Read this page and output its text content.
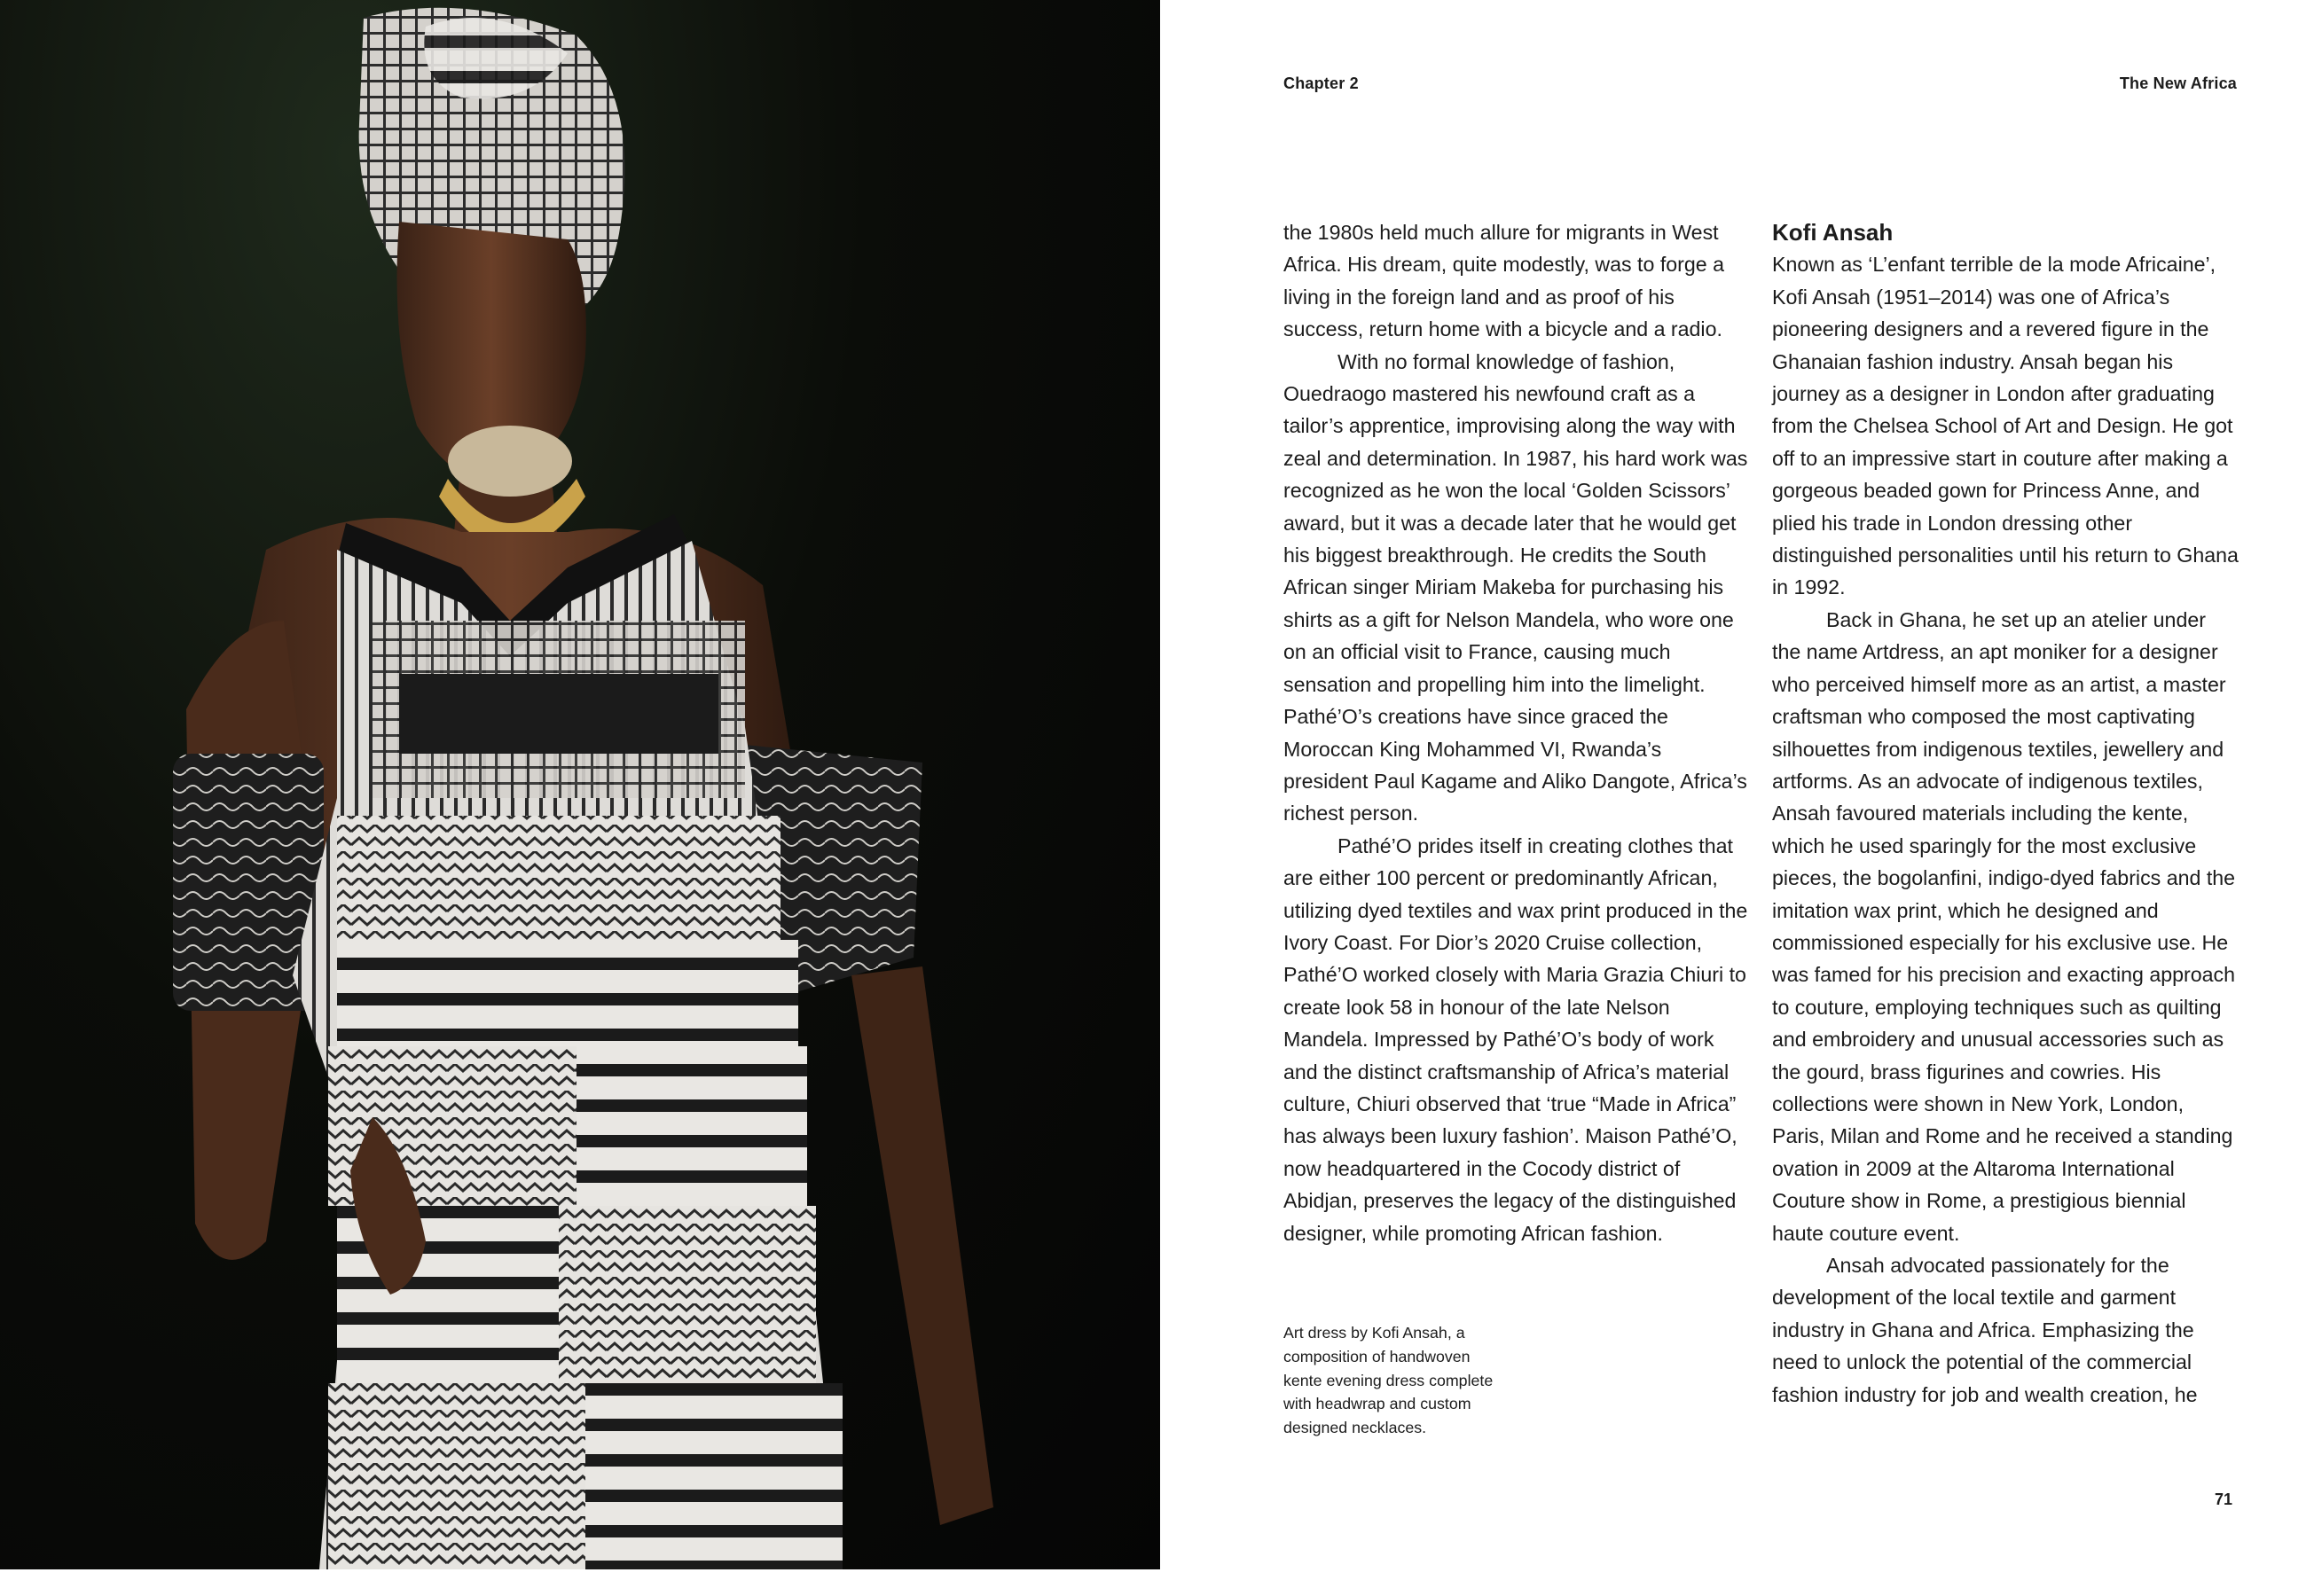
Chapter 2	The New Africa

the 1980s held much allure for migrants in West Africa. His dream, quite modestly, was to forge a living in the foreign land and as proof of his success, return home with a bicycle and a radio.

With no formal knowledge of fashion, Ouedraogo mastered his newfound craft as a tailor’s apprentice, improvising along the way with zeal and determination. In 1987, his hard work was recognized as he won the local ‘Golden Scissors’ award, but it was a decade later that he would get his biggest breakthrough. He credits the South African singer Miriam Makeba for purchasing his shirts as a gift for Nelson Mandela, who wore one on an official visit to France, causing much sensation and propelling him into the limelight. Pathé’O’s creations have since graced the Moroccan King Mohammed VI, Rwanda’s president Paul Kagame and Aliko Dangote, Africa’s richest person.

Pathé’O prides itself in creating clothes that are either 100 percent or predominantly African, utilizing dyed textiles and wax print produced in the Ivory Coast. For Dior’s 2020 Cruise collection, Pathé’O worked closely with Maria Grazia Chiuri to create look 58 in honour of the late Nelson Mandela. Impressed by Pathé’O’s body of work and the distinct craftsmanship of Africa’s material culture, Chiuri observed that ‘true “Made in Africa” has always been luxury fashion’. Maison Pathé’O, now headquartered in the Cocody district of Abidjan, preserves the legacy of the distinguished designer, while promoting African fashion.

Kofi Ansah

Known as ‘L’enfant terrible de la mode Africaine’, Kofi Ansah (1951–2014) was one of Africa’s pioneering designers and a revered figure in the Ghanaian fashion industry. Ansah began his journey as a designer in London after graduating from the Chelsea School of Art and Design. He got off to an impressive start in couture after making a gorgeous beaded gown for Princess Anne, and plied his trade in London dressing other distinguished personalities until his return to Ghana in 1992.

Back in Ghana, he set up an atelier under the name Artdress, an apt moniker for a designer who perceived himself more as an artist, a master craftsman who composed the most captivating silhouettes from indigenous textiles, jewellery and artforms. As an advocate of indigenous textiles, Ansah favoured materials including the kente, which he used sparingly for the most exclusive pieces, the bogolanfini, indigo-dyed fabrics and the imitation wax print, which he designed and commissioned especially for his exclusive use. He was famed for his precision and exacting approach to couture, employing techniques such as quilting and embroidery and unusual accessories such as the gourd, brass figurines and cowries. His collections were shown in New York, London, Paris, Milan and Rome and he received a standing ovation in 2009 at the Altaroma International Couture show in Rome, a prestigious biennial haute couture event.

Ansah advocated passionately for the development of the local textile and garment industry in Ghana and Africa. Emphasizing the need to unlock the potential of the commercial fashion industry for job and wealth creation, he

Art dress by Kofi Ansah, a composition of handwoven kente evening dress complete with headwrap and custom designed necklaces.
71
